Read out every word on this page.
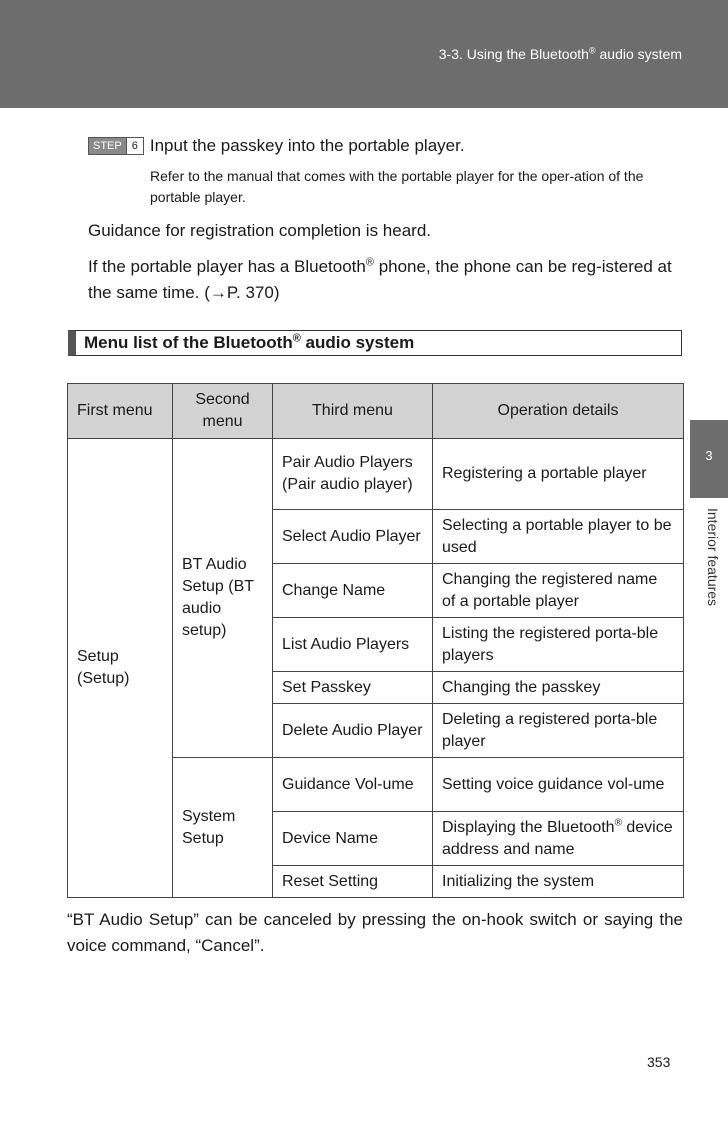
3-3. Using the Bluetooth® audio system
STEP 6 Input the passkey into the portable player.
Refer to the manual that comes with the portable player for the oper-ation of the portable player.
Guidance for registration completion is heard.
If the portable player has a Bluetooth® phone, the phone can be reg-istered at the same time. (→P. 370)
Menu list of the Bluetooth® audio system
First menu	Second menu	Third menu	Operation details
Setup (Setup)	BT Audio Setup (BT audio setup)	Pair Audio Players (Pair audio player)	Registering a portable player
		Select Audio Player	Selecting a portable player to be used
		Change Name	Changing the registered name of a portable player
		List Audio Players	Listing the registered porta-ble players
		Set Passkey	Changing the passkey
		Delete Audio Player	Deleting a registered porta-ble player
	System Setup	Guidance Vol-ume	Setting voice guidance vol-ume
		Device Name	Displaying the Bluetooth® device address and name
		Reset Setting	Initializing the system
“BT Audio Setup” can be canceled by pressing the on-hook switch or saying the voice command, “Cancel”.
3
Interior features
353
